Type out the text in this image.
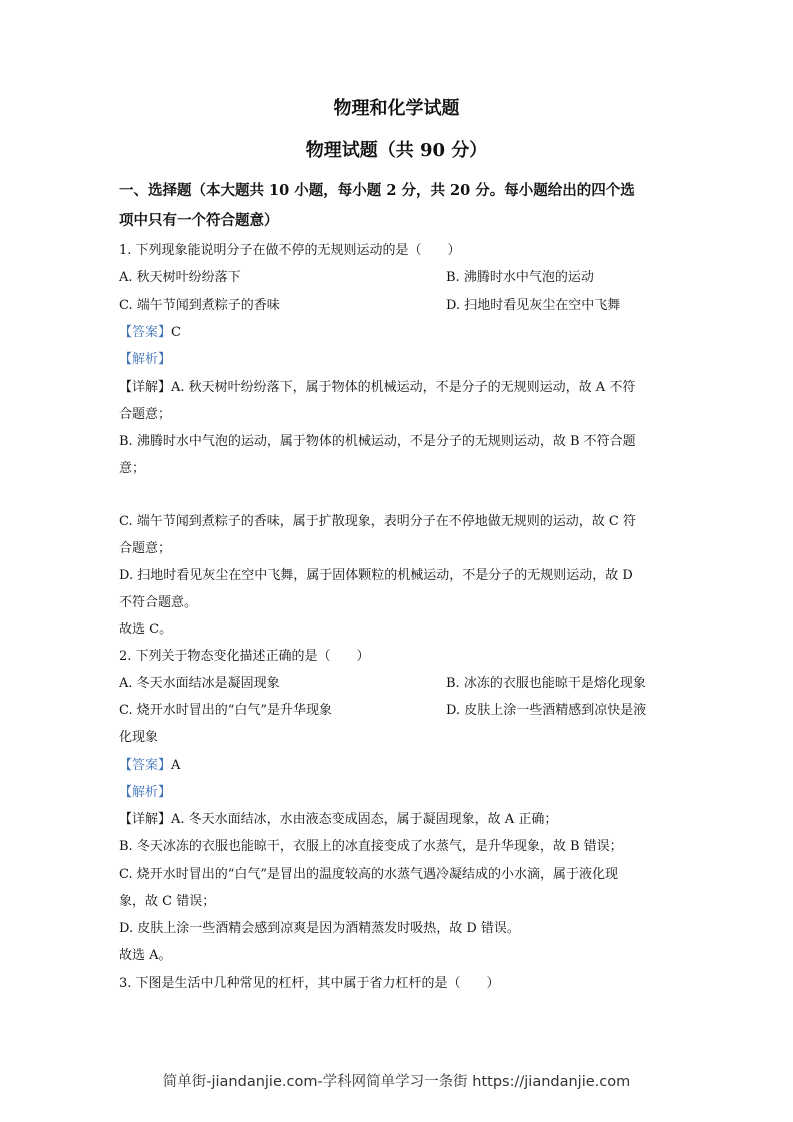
物理和化学试题
物理试题（共 90 分）
一、选择题（本大题共 10 小题，每小题 2 分，共 20 分。每小题给出的四个选
项中只有一个符合题意）
1. 下列现象能说明分子在做不停的无规则运动的是（　　）
A. 秋天树叶纷纷落下	B. 沸腾时水中气泡的运动
C. 端午节闻到煮粽子的香味	D. 扫地时看见灰尘在空中飞舞
【答案】C
【解析】
【详解】A. 秋天树叶纷纷落下，属于物体的机械运动，不是分子的无规则运动，故 A 不符
合题意；
B. 沸腾时水中气泡的运动，属于物体的机械运动，不是分子的无规则运动，故 B 不符合题
意；
C. 端午节闻到煮粽子的香味，属于扩散现象，表明分子在不停地做无规则的运动，故 C 符
合题意；
D. 扫地时看见灰尘在空中飞舞，属于固体颗粒的机械运动，不是分子的无规则运动，故 D
不符合题意。
故选 C。
2. 下列关于物态变化描述正确的是（　　）
A. 冬天水面结冰是凝固现象	B. 冰冻的衣服也能晾干是熔化现象
C. 烧开水时冒出的“白气”是升华现象	D. 皮肤上涂一些酒精感到凉快是液
化现象
【答案】A
【解析】
【详解】A. 冬天水面结冰，水由液态变成固态，属于凝固现象，故 A 正确；
B. 冬天冰冻的衣服也能晾干，衣服上的冰直接变成了水蒸气，是升华现象，故 B 错误；
C. 烧开水时冒出的“白气”是冒出的温度较高的水蒸气遇冷凝结成的小水滴，属于液化现
象，故 C 错误；
D. 皮肤上涂一些酒精会感到凉爽是因为酒精蒸发时吸热，故 D 错误。
故选 A。
3. 下图是生活中几种常见的杠杆，其中属于省力杠杆的是（　　）
简单街-jiandanjie.com-学科网简单学习一条街 https://jiandanjie.com
